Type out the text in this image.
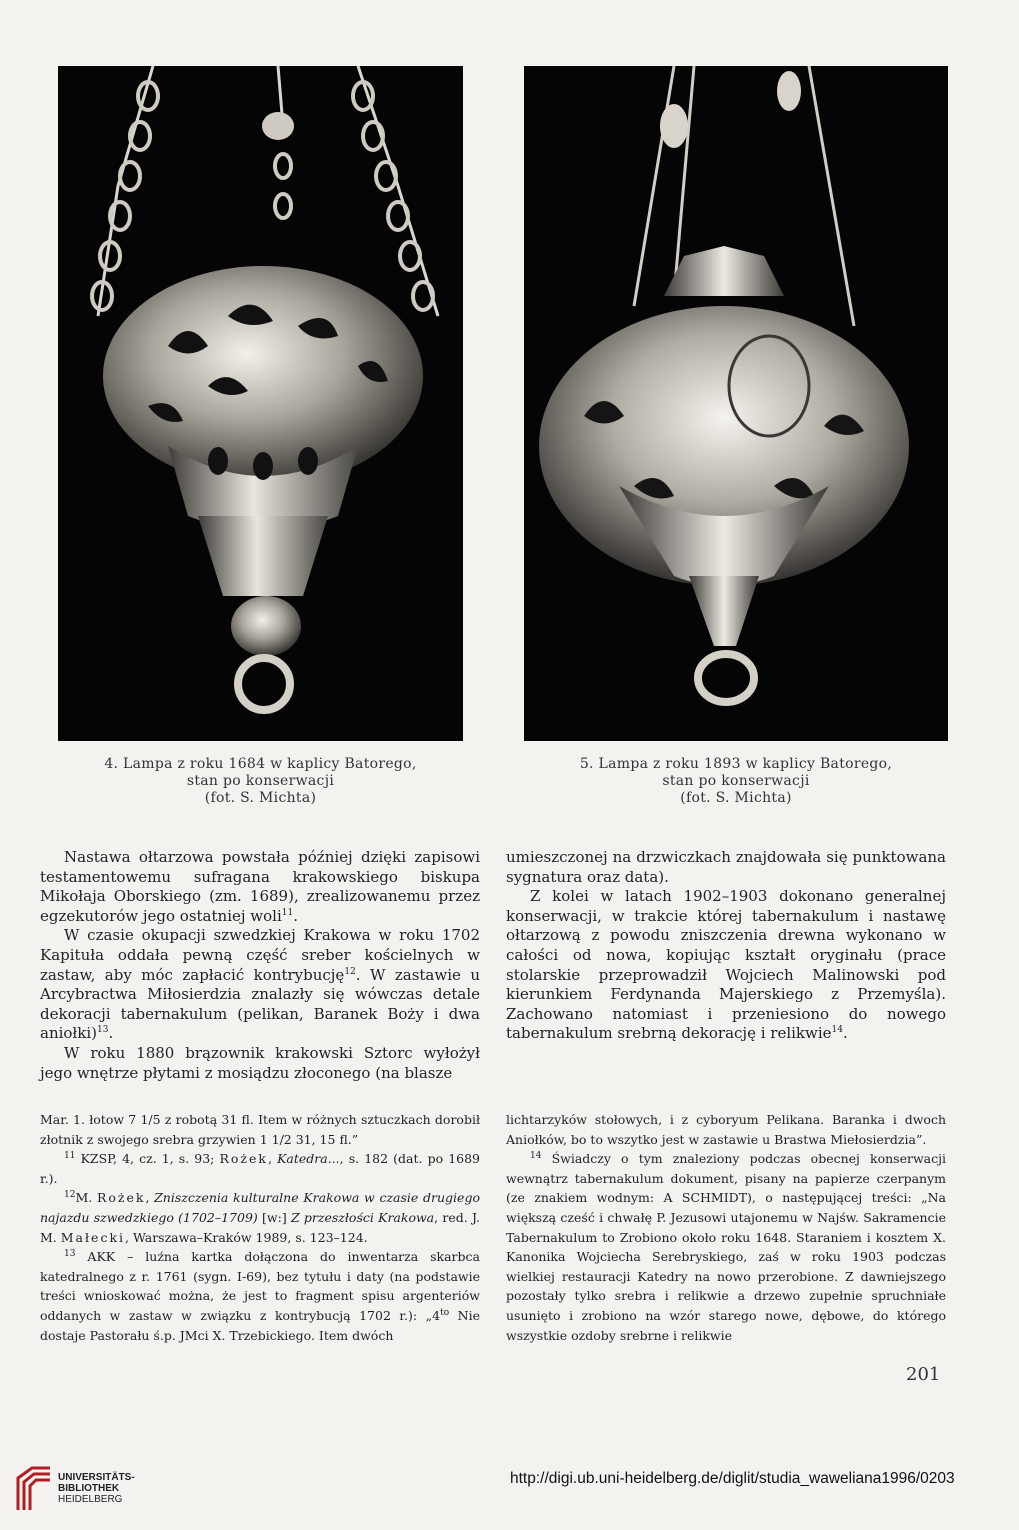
4. Lampa z roku 1684 w kaplicy Batorego,
stan po konserwacji
(fot. S. Michta)
5. Lampa z roku 1893 w kaplicy Batorego,
stan po konserwacji
(fot. S. Michta)

Nastawa ołtarzowa powstała później dzięki zapisowi testamentowemu sufragana krakowskiego biskupa Mikołaja Oborskiego (zm. 1689), zrealizowanemu przez egzekutorów jego ostatniej woli$^{11}$.

W czasie okupacji szwedzkiej Krakowa w roku 1702 Kapituła oddała pewną część sreber kościelnych w zastaw, aby móc zapłacić kontrybucję$^{12}$. W zastawie u Arcybractwa Miłosierdzia znalazły się wówczas detale dekoracji tabernakulum (pelikan, Baranek Boży i dwa aniołki)$^{13}$.

W roku 1880 brązownik krakowski Sztorc wyłożył jego wnętrze płytami z mosiądzu złoconego (na blasze

umieszczonej na drzwiczkach znajdowała się punktowana sygnatura oraz data).

Z kolei w latach 1902–1903 dokonano generalnej konserwacji, w trakcie której tabernakulum i nastawę ołtarzową z powodu zniszczenia drewna wykonano w całości od nowa, kopiując kształt oryginału (prace stolarskie przeprowadził Wojciech Malinowski pod kierunkiem Ferdynanda Majerskiego z Przemyśla). Zachowano natomiast i przeniesiono do nowego tabernakulum srebrną dekorację i relikwie$^{14}$.

Mar. 1. łotow 7 1/5 z robotą 31 fl. Item w różnych sztuczkach dorobił złotnik z swojego srebra grzywien 1 1/2 31, 15 fl.”

$^{11}$ KZSP, 4, cz. 1, s. 93; Rożek, Katedra..., s. 182 (dat. po 1689 r.).

$^{12}$M. Rożek, Zniszczenia kulturalne Krakowa w czasie drugiego najazdu szwedzkiego (1702–1709) [w:] Z przeszłości Krakowa, red. J. M. Małecki, Warszawa–Kraków 1989, s. 123–124.

$^{13}$ AKK – luźna kartka dołączona do inwentarza skarbca katedralnego z r. 1761 (sygn. I-69), bez tytułu i daty (na podstawie treści wnioskować można, że jest to fragment spisu argenteriów oddanych w zastaw w związku z kontrybucją 1702 r.): $„4^{to}$ Nie dostaje Pastorału ś.p. JMci X. Trzebickiego. Item dwóch

lichtarzyków stołowych, i z cyboryum Pelikana. Baranka i dwoch Aniołków, bo to wszytko jest w zastawie u Brastwa Miełosierdzia”.

$^{14}$ Świadczy o tym znaleziony podczas obecnej konserwacji wewnątrz tabernakulum dokument, pisany na papierze czerpanym (ze znakiem wodnym: A SCHMIDT), o następującej treści: „Na większą cześć i chwałę P. Jezusowi utajonemu w Najśw. Sakramencie Tabernakulum to Zrobiono około roku 1648. Staraniem i kosztem X. Kanonika Wojciecha Serebryskiego, zaś w roku 1903 podczas wielkiej restauracji Katedry na nowo przerobione. Z dawniejszego pozostały tylko srebra i relikwie a drzewo zupełnie spruchniałe usunięto i zrobiono na wzór starego nowe, dębowe, do którego wszystkie ozdoby srebrne i relikwie

201
UNIVERSITÄTS-
BIBLIOTHEK
HEIDELBERG
http://digi.ub.uni-heidelberg.de/diglit/studia_waweliana1996/0203
